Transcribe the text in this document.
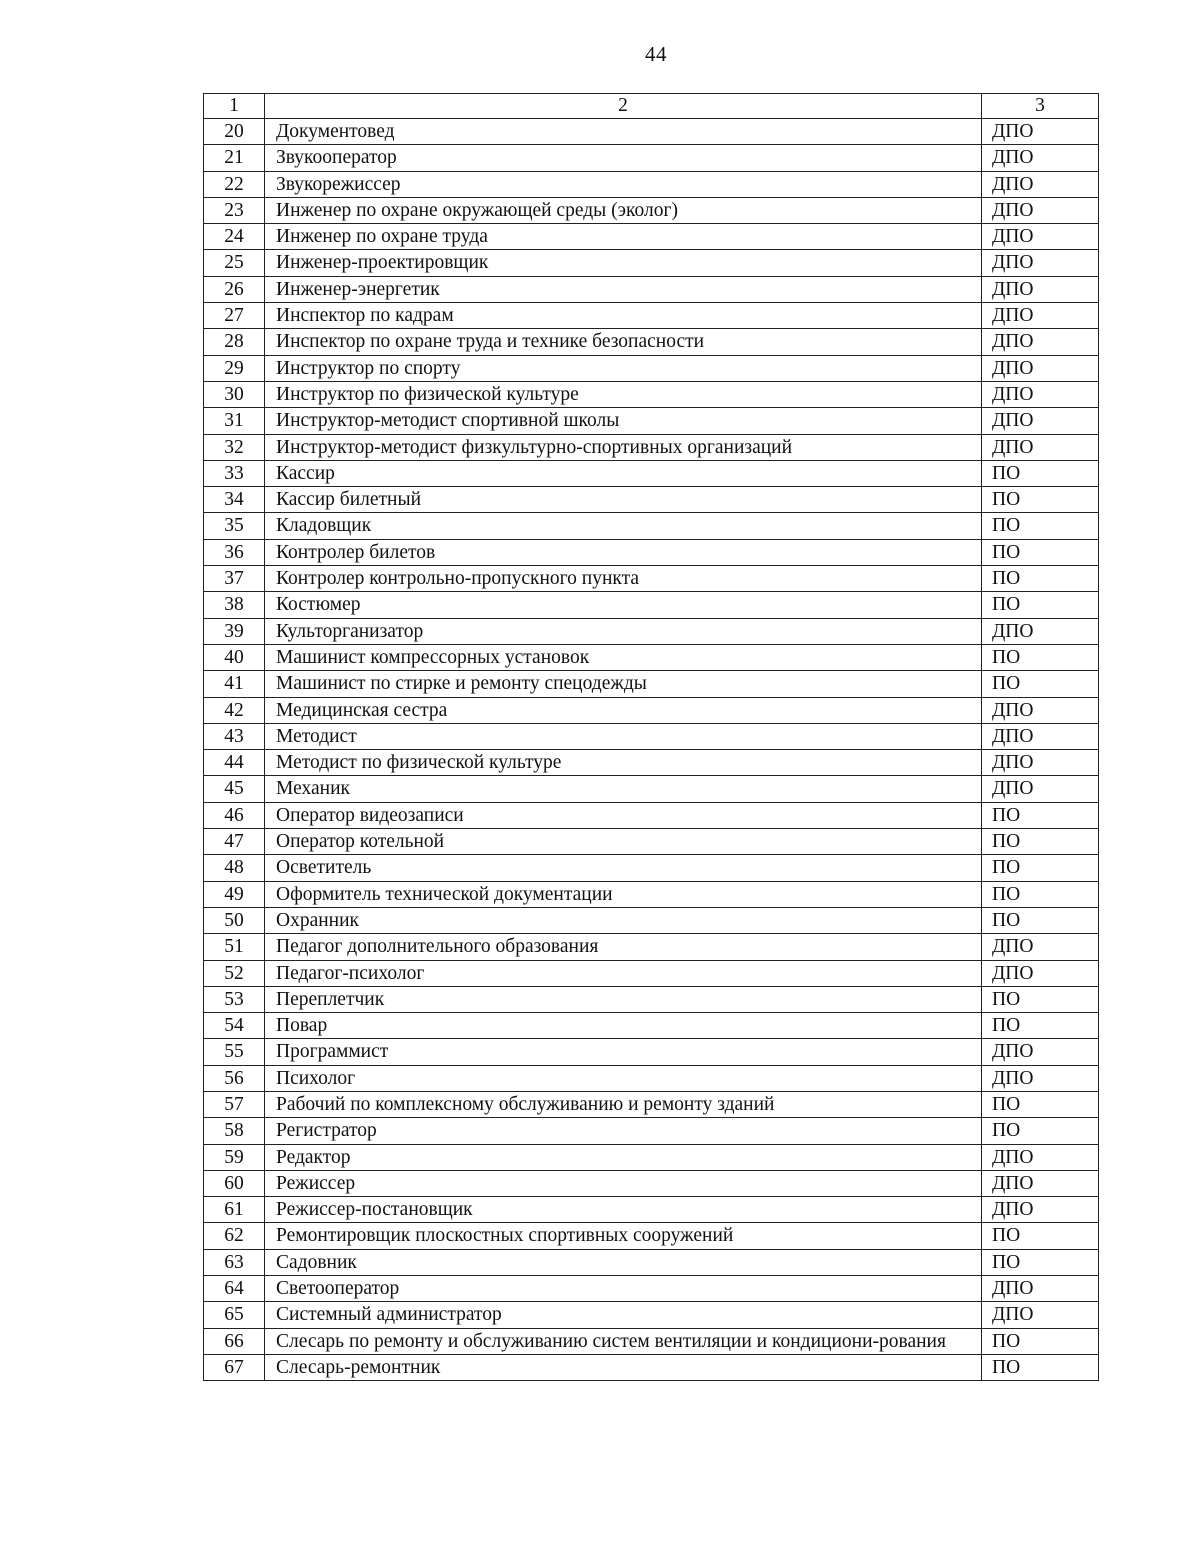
44
1	2	3
20	Документовед	ДПО
21	Звукооператор	ДПО
22	Звукорежиссер	ДПО
23	Инженер по охране окружающей среды (эколог)	ДПО
24	Инженер по охране труда	ДПО
25	Инженер-проектировщик	ДПО
26	Инженер-энергетик	ДПО
27	Инспектор по кадрам	ДПО
28	Инспектор по охране труда и технике безопасности	ДПО
29	Инструктор по спорту	ДПО
30	Инструктор по физической культуре	ДПО
31	Инструктор-методист спортивной школы	ДПО
32	Инструктор-методист физкультурно-спортивных организаций	ДПО
33	Кассир	ПО
34	Кассир билетный	ПО
35	Кладовщик	ПО
36	Контролер билетов	ПО
37	Контролер контрольно-пропускного пункта	ПО
38	Костюмер	ПО
39	Культорганизатор	ДПО
40	Машинист компрессорных установок	ПО
41	Машинист по стирке и ремонту спецодежды	ПО
42	Медицинская сестра	ДПО
43	Методист	ДПО
44	Методист по физической культуре	ДПО
45	Механик	ДПО
46	Оператор видеозаписи	ПО
47	Оператор котельной	ПО
48	Осветитель	ПО
49	Оформитель технической документации	ПО
50	Охранник	ПО
51	Педагог дополнительного образования	ДПО
52	Педагог-психолог	ДПО
53	Переплетчик	ПО
54	Повар	ПО
55	Программист	ДПО
56	Психолог	ДПО
57	Рабочий по комплексному обслуживанию и ремонту зданий	ПО
58	Регистратор	ПО
59	Редактор	ДПО
60	Режиссер	ДПО
61	Режиссер-постановщик	ДПО
62	Ремонтировщик плоскостных спортивных сооружений	ПО
63	Садовник	ПО
64	Светооператор	ДПО
65	Системный администратор	ДПО
66	Слесарь по ремонту и обслуживанию систем вентиляции и кондициони-рования	ПО
67	Слесарь-ремонтник	ПО
